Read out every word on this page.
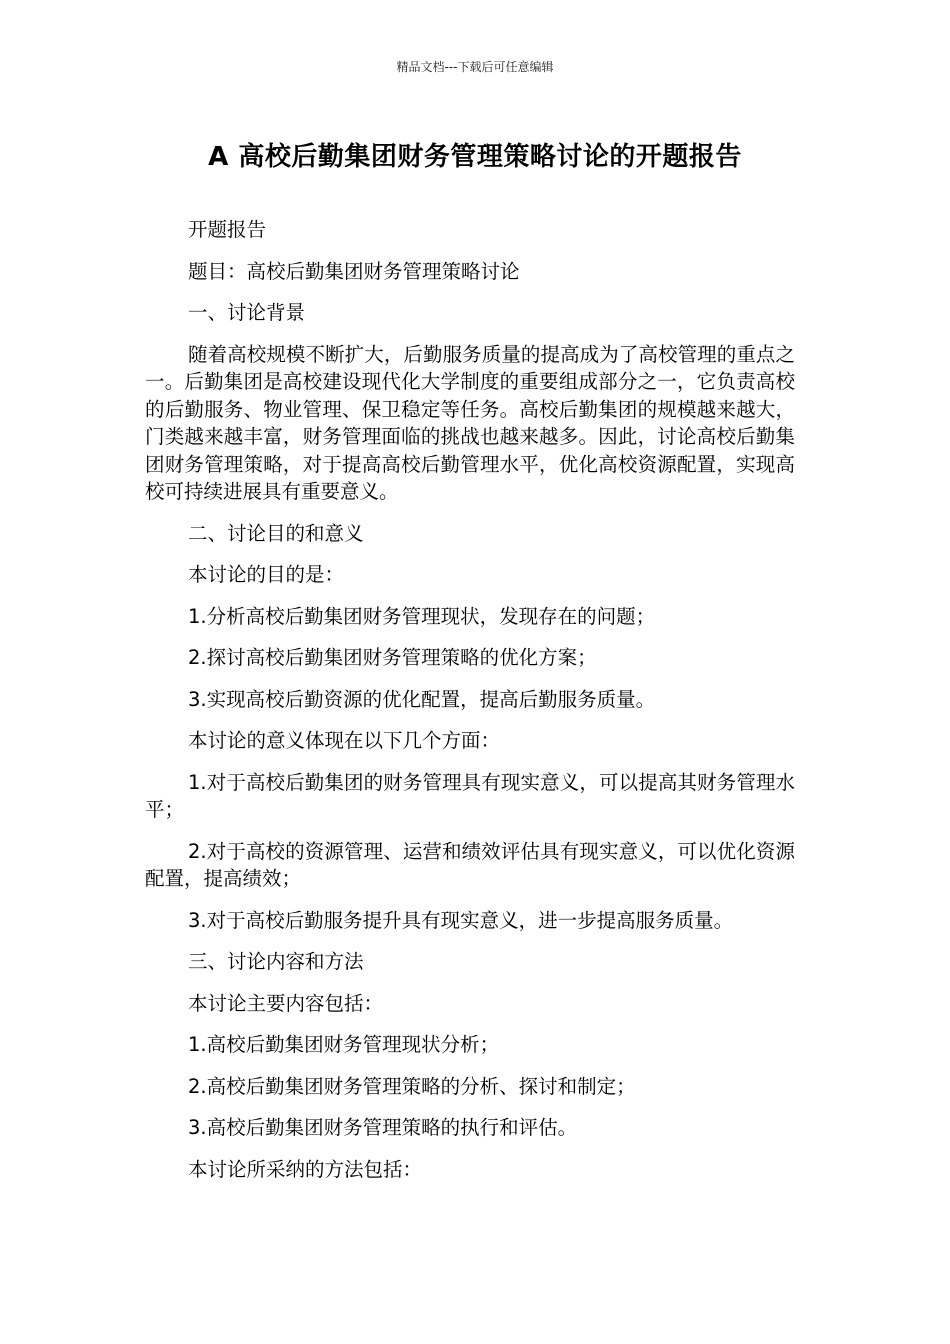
精品文档---下载后可任意编辑
A 高校后勤集团财务管理策略讨论的开题报告

开题报告

题目：高校后勤集团财务管理策略讨论

一、讨论背景

随着高校规模不断扩大，后勤服务质量的提高成为了高校管理的重点之一。后勤集团是高校建设现代化大学制度的重要组成部分之一，它负责高校的后勤服务、物业管理、保卫稳定等任务。高校后勤集团的规模越来越大，门类越来越丰富，财务管理面临的挑战也越来越多。因此，讨论高校后勤集团财务管理策略，对于提高高校后勤管理水平，优化高校资源配置，实现高校可持续进展具有重要意义。

二、讨论目的和意义

本讨论的目的是：

1.分析高校后勤集团财务管理现状，发现存在的问题；

2.探讨高校后勤集团财务管理策略的优化方案；

3.实现高校后勤资源的优化配置，提高后勤服务质量。

本讨论的意义体现在以下几个方面：

1.对于高校后勤集团的财务管理具有现实意义，可以提高其财务管理水平；

2.对于高校的资源管理、运营和绩效评估具有现实意义，可以优化资源配置，提高绩效；

3.对于高校后勤服务提升具有现实意义，进一步提高服务质量。

三、讨论内容和方法

本讨论主要内容包括：

1.高校后勤集团财务管理现状分析；

2.高校后勤集团财务管理策略的分析、探讨和制定；

3.高校后勤集团财务管理策略的执行和评估。

本讨论所采纳的方法包括：
